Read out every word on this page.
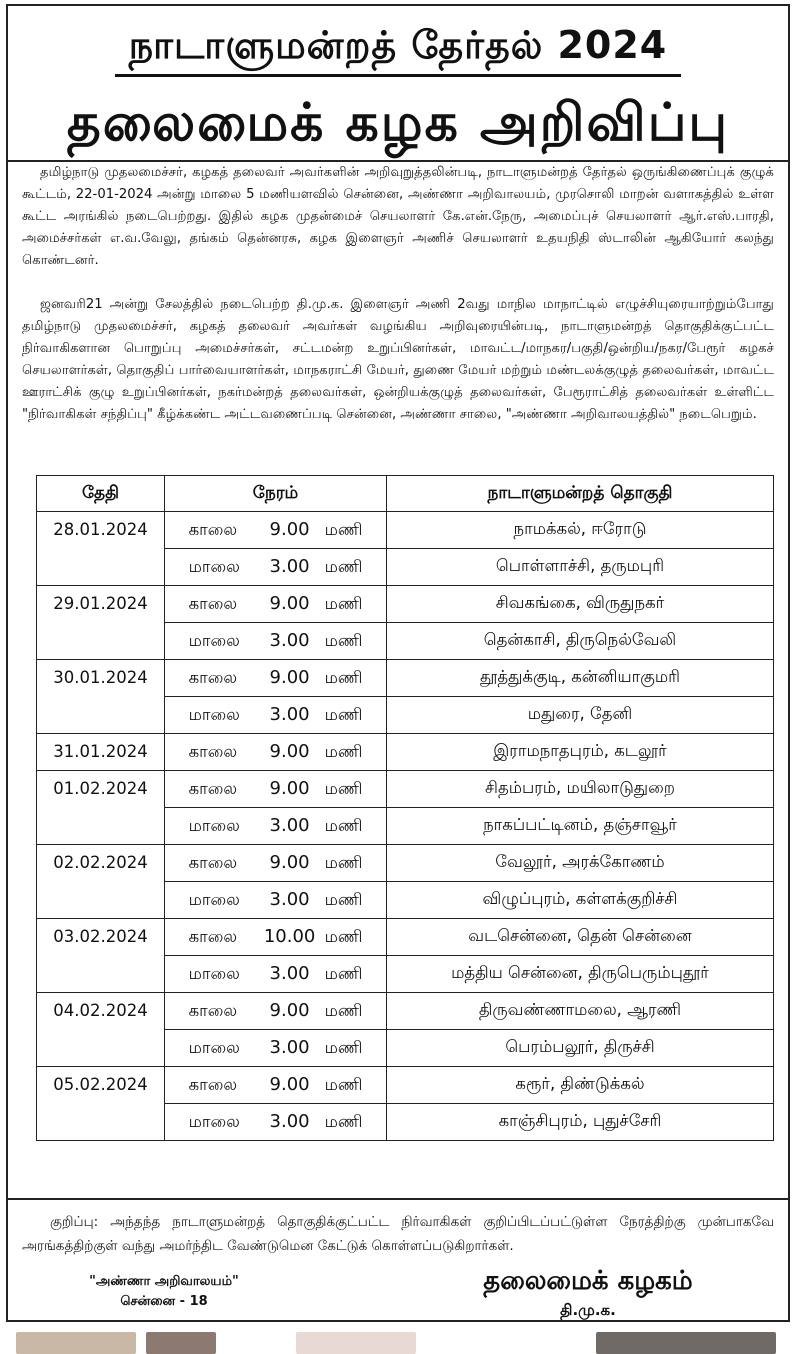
நாடாளுமன்றத் தேர்தல் 2024
தலைமைக் கழக அறிவிப்பு
தமிழ்நாடு முதலமைச்சர், கழகத் தலைவர் அவர்களின் அறிவுறுத்தலின்படி, நாடாளுமன்றத் தேர்தல் ஒருங்கிணைப்புக் குழுக் கூட்டம், 22-01-2024 அன்று மாலை 5 மணியளவில் சென்னை, அண்ணா அறிவாலயம், முரசொலி மாறன் வளாகத்தில் உள்ள கூட்ட அரங்கில் நடைபெற்றது. இதில் கழக முதன்மைச் செயலாளர் கே.என்.நேரு, அமைப்புச் செயலாளர் ஆர்.எஸ்.பாரதி, அமைச்சர்கள் எ.வ.வேலு, தங்கம் தென்னரசு, கழக இளைஞர் அணிச் செயலாளர் உதயநிதி ஸ்டாலின் ஆகியோர் கலந்து கொண்டனர்.
ஜனவரி21 அன்று சேலத்தில் நடைபெற்ற தி.மு.க. இளைஞர் அணி 2வது மாநில மாநாட்டில் எழுச்சியுரையாற்றும்போது தமிழ்நாடு முதலமைச்சர், கழகத் தலைவர் அவர்கள் வழங்கிய அறிவுரையின்படி, நாடாளுமன்றத் தொகுதிக்குட்பட்ட நிர்வாகிகளான பொறுப்பு அமைச்சர்கள், சட்டமன்ற உறுப்பினர்கள், மாவட்ட/மாநகர/பகுதி/ஒன்றிய/நகர/பேரூர் கழகச் செயலாளர்கள், தொகுதிப் பார்வையாளர்கள், மாநகராட்சி மேயர், துணை மேயர் மற்றும் மண்டலக்குழுத் தலைவர்கள், மாவட்ட ஊராட்சிக் குழு உறுப்பினர்கள், நகர்மன்றத் தலைவர்கள், ஒன்றியக்குழுத் தலைவர்கள், பேரூராட்சித் தலைவர்கள் உள்ளிட்ட "நிர்வாகிகள் சந்திப்பு" கீழ்க்கண்ட அட்டவணைப்படி சென்னை, அண்ணா சாலை, "அண்ணா அறிவாலயத்தில்" நடைபெறும்.
தேதி	நேரம்	நாடாளுமன்றத் தொகுதி
28.01.2024	காலை 9.00 மணி	நாமக்கல், ஈரோடு
	மாலை 3.00 மணி	பொள்ளாச்சி, தருமபுரி
29.01.2024	காலை 9.00 மணி	சிவகங்கை, விருதுநகர்
	மாலை 3.00 மணி	தென்காசி, திருநெல்வேலி
30.01.2024	காலை 9.00 மணி	தூத்துக்குடி, கன்னியாகுமரி
	மாலை 3.00 மணி	மதுரை, தேனி
31.01.2024	காலை 9.00 மணி	இராமநாதபுரம், கடலூர்
01.02.2024	காலை 9.00 மணி	சிதம்பரம், மயிலாடுதுறை
	மாலை 3.00 மணி	நாகப்பட்டினம், தஞ்சாவூர்
02.02.2024	காலை 9.00 மணி	வேலூர், அரக்கோணம்
	மாலை 3.00 மணி	விழுப்புரம், கள்ளக்குறிச்சி
03.02.2024	காலை 10.00 மணி	வடசென்னை, தென் சென்னை
	மாலை 3.00 மணி	மத்திய சென்னை, திருபெரும்புதூர்
04.02.2024	காலை 9.00 மணி	திருவண்ணாமலை, ஆரணி
	மாலை 3.00 மணி	பெரம்பலூர், திருச்சி
05.02.2024	காலை 9.00 மணி	கரூர், திண்டுக்கல்
	மாலை 3.00 மணி	காஞ்சிபுரம், புதுச்சேரி
குறிப்பு: அந்தந்த நாடாளுமன்றத் தொகுதிக்குட்பட்ட நிர்வாகிகள் குறிப்பிடப்பட்டுள்ள நேரத்திற்கு முன்பாகவே அரங்கத்திற்குள் வந்து அமர்ந்திட வேண்டுமென கேட்டுக் கொள்ளப்படுகிறார்கள்.
"அண்ணா அறிவாலயம்"
சென்னை - 18
தலைமைக் கழகம்
தி.மு.க.
